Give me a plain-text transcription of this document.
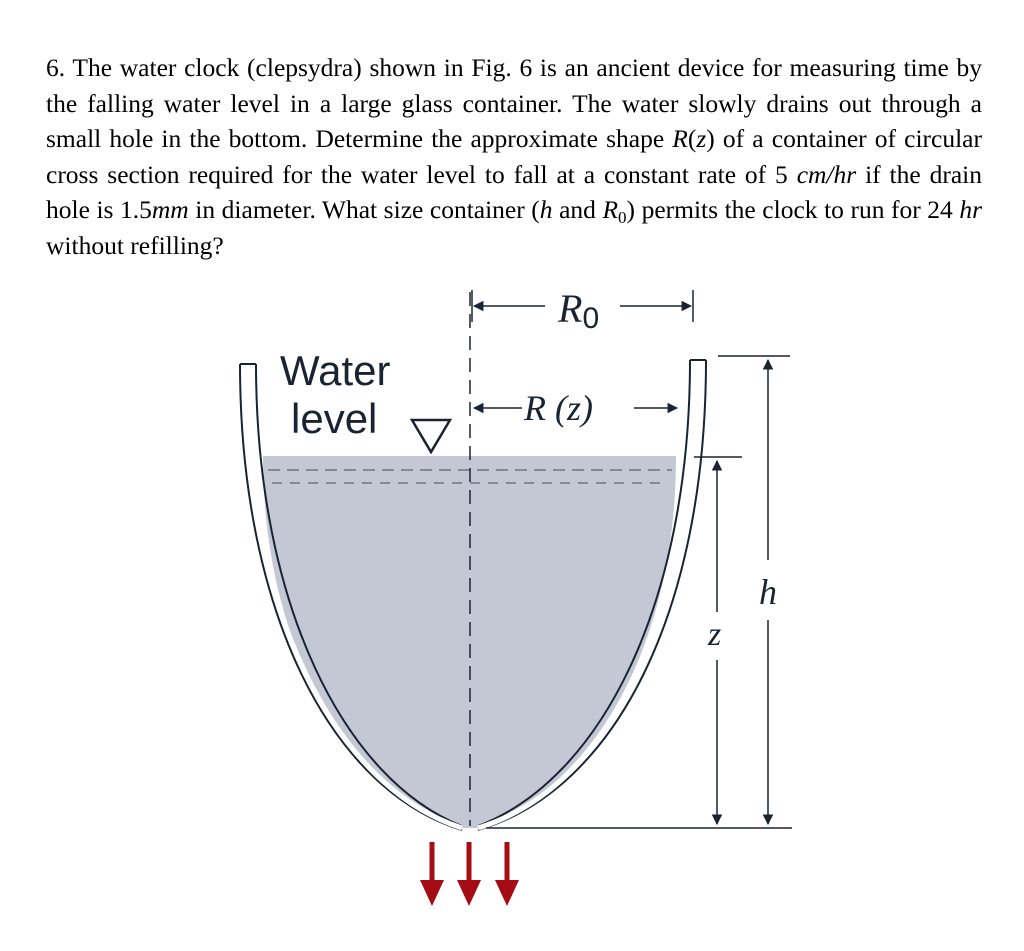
6. The water clock (clepsydra) shown in Fig. 6 is an ancient device for measuring time by the falling water level in a large glass container. The water slowly drains out through a small hole in the bottom. Determine the approximate shape R(z) of a container of circular cross section required for the water level to fall at a constant rate of 5 cm/hr if the drain hole is 1.5mm in diameter. What size container (h and $R_0$) permits the clock to run for 24 hr without refilling?
R0
R (z)
Water
level
h
z
